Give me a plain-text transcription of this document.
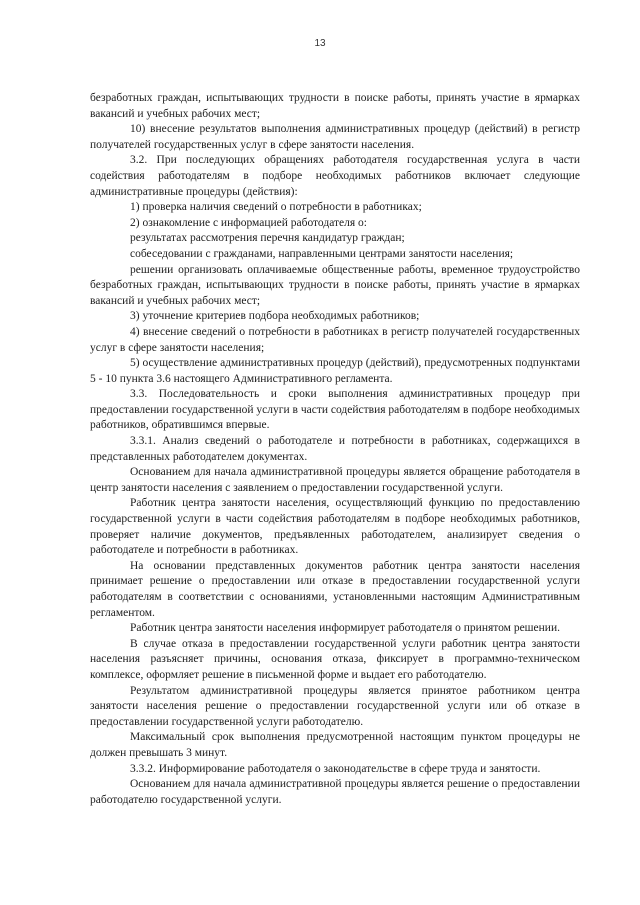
13

безработных граждан, испытывающих трудности в поиске работы, принять участие в ярмарках вакансий и учебных рабочих мест;

10) внесение результатов выполнения административных процедур (действий) в регистр получателей государственных услуг в сфере занятости населения.

3.2. При последующих обращениях работодателя государственная услуга в части содействия работодателям в подборе необходимых работников включает следующие административные процедуры (действия):

1) проверка наличия сведений о потребности в работниках;

2) ознакомление с информацией работодателя о:

результатах рассмотрения перечня кандидатур граждан;

собеседовании с гражданами, направленными центрами занятости населения;

решении организовать оплачиваемые общественные работы, временное трудоустройство безработных граждан, испытывающих трудности в поиске работы, принять участие в ярмарках вакансий и учебных рабочих мест;

3) уточнение критериев подбора необходимых работников;

4) внесение сведений о потребности в работниках в регистр получателей государственных услуг в сфере занятости населения;

5) осуществление административных процедур (действий), предусмотренных подпунктами 5 - 10 пункта 3.6 настоящего Административного регламента.

3.3. Последовательность и сроки выполнения административных процедур при предоставлении государственной услуги в части содействия работодателям в подборе необходимых работников, обратившимся впервые.

3.3.1. Анализ сведений о работодателе и потребности в работниках, содержащихся в представленных работодателем документах.

Основанием для начала административной процедуры является обращение работодателя в центр занятости населения с заявлением о предоставлении государственной услуги.

Работник центра занятости населения, осуществляющий функцию по предоставлению государственной услуги в части содействия работодателям в подборе необходимых работников, проверяет наличие документов, предъявленных работодателем, анализирует сведения о работодателе и потребности в работниках.

На основании представленных документов работник центра занятости населения принимает решение о предоставлении или отказе в предоставлении государственной услуги работодателям в соответствии с основаниями, установленными настоящим Административным регламентом.

Работник центра занятости населения информирует работодателя о принятом решении.

В случае отказа в предоставлении государственной услуги работник центра занятости населения разъясняет причины, основания отказа, фиксирует в программно-техническом комплексе, оформляет решение в письменной форме и выдает его работодателю.

Результатом административной процедуры является принятое работником центра занятости населения решение о предоставлении государственной услуги или об отказе в предоставлении государственной услуги работодателю.

Максимальный срок выполнения предусмотренной настоящим пунктом процедуры не должен превышать 3 минут.

3.3.2. Информирование работодателя о законодательстве в сфере труда и занятости.

Основанием для начала административной процедуры является решение о предоставлении работодателю государственной услуги.
